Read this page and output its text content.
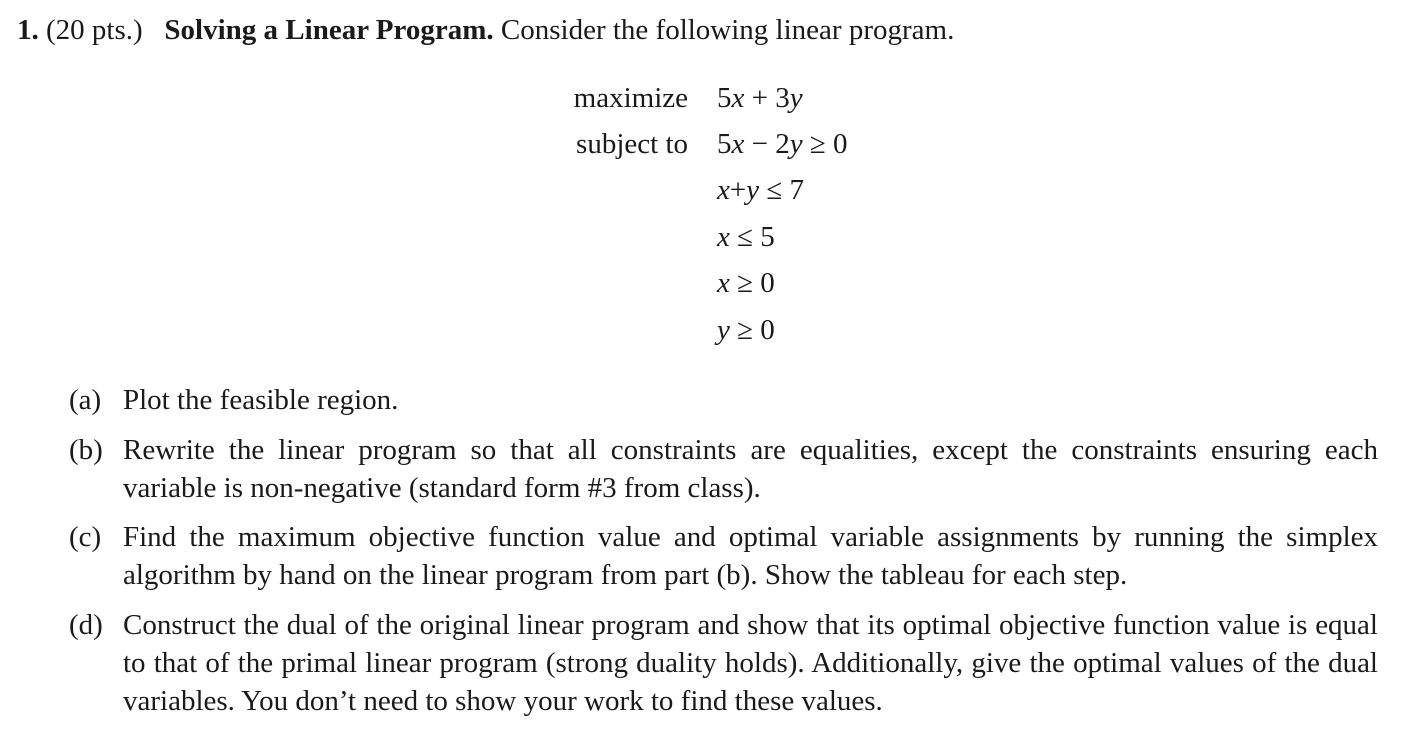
1. (20 pts.) Solving a Linear Program. Consider the following linear program.
maximize 5x + 3y
subject to 5x − 2y ≥ 0
x+y ≤ 7
x ≤ 5
x ≥ 0
y ≥ 0
(a) Plot the feasible region.
(b) Rewrite the linear program so that all constraints are equalities, except the constraints ensuring each variable is non-negative (standard form #3 from class).
(c) Find the maximum objective function value and optimal variable assignments by running the simplex algorithm by hand on the linear program from part (b). Show the tableau for each step.
(d) Construct the dual of the original linear program and show that its optimal objective function value is equal to that of the primal linear program (strong duality holds). Additionally, give the optimal values of the dual variables. You don’t need to show your work to find these values.
